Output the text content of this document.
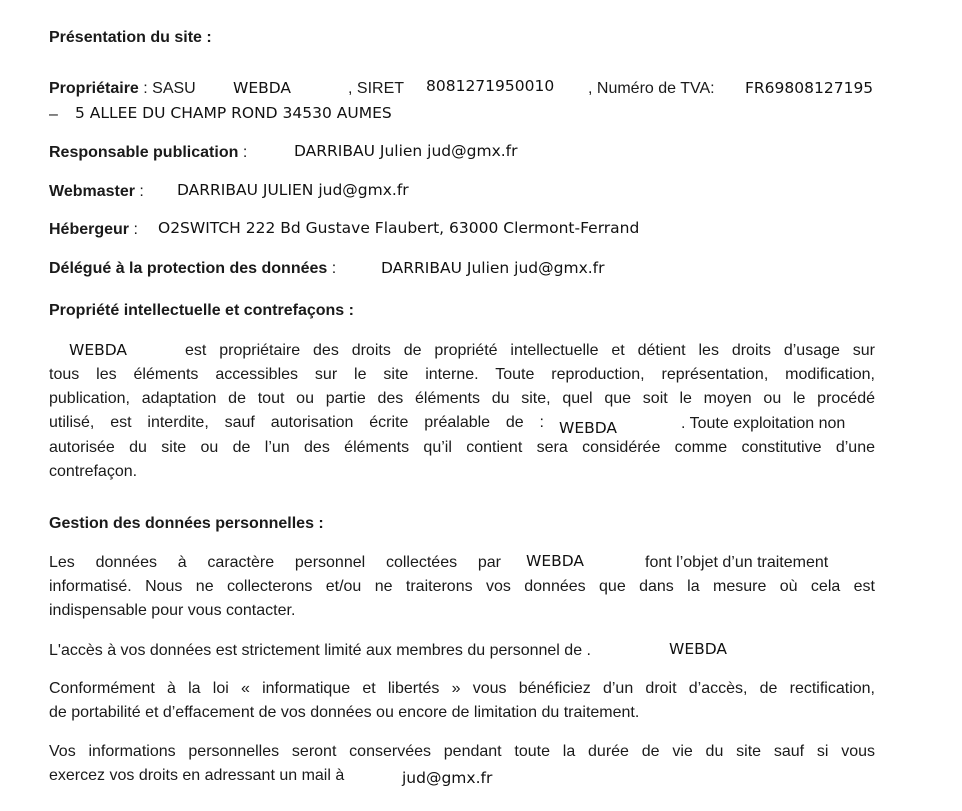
Présentation du site :
Propriétaire : SASU WEBDA	, SIRET 8081271950010 , Numéro de TVA: FR69808127195
– 5 ALLEE DU CHAMP ROND 34530 AUMES
Responsable publication :	DARRIBAU Julien jud@gmx.fr
Webmaster : DARRIBAU JULIEN jud@gmx.fr
Hébergeur : O2SWITCH 222 Bd Gustave Flaubert, 63000 Clermont-Ferrand
Délégué à la protection des données :	DARRIBAU Julien jud@gmx.fr
Propriété intellectuelle et contrefaçons :
WEBDA	est propriétaire des droits de propriété intellectuelle et détient les droits d’usage sur
tous les éléments accessibles sur le site interne. Toute reproduction, représentation, modification,
publication, adaptation de tout ou partie des éléments du site, quel que soit le moyen ou le procédé
utilisé, est interdite, sauf autorisation écrite préalable de : WEBDA	. Toute exploitation non
autorisée du site ou de l’un des éléments qu’il contient sera considérée comme constitutive d’une
contrefaçon.
Gestion des données personnelles :
Les données à caractère personnel collectées par WEBDA	font l’objet d’un traitement
informatisé. Nous ne collecterons et/ou ne traiterons vos données que dans la mesure où cela est
indispensable pour vous contacter.
L'accès à vos données est strictement limité aux membres du personnel de .	WEBDA
Conformément à la loi « informatique et libertés » vous bénéficiez d’un droit d’accès, de rectification,
de portabilité et d’effacement de vos données ou encore de limitation du traitement.
Vos informations personnelles seront conservées pendant toute la durée de vie du site sauf si vous
exercez vos droits en adressant un mail à	jud@gmx.fr
